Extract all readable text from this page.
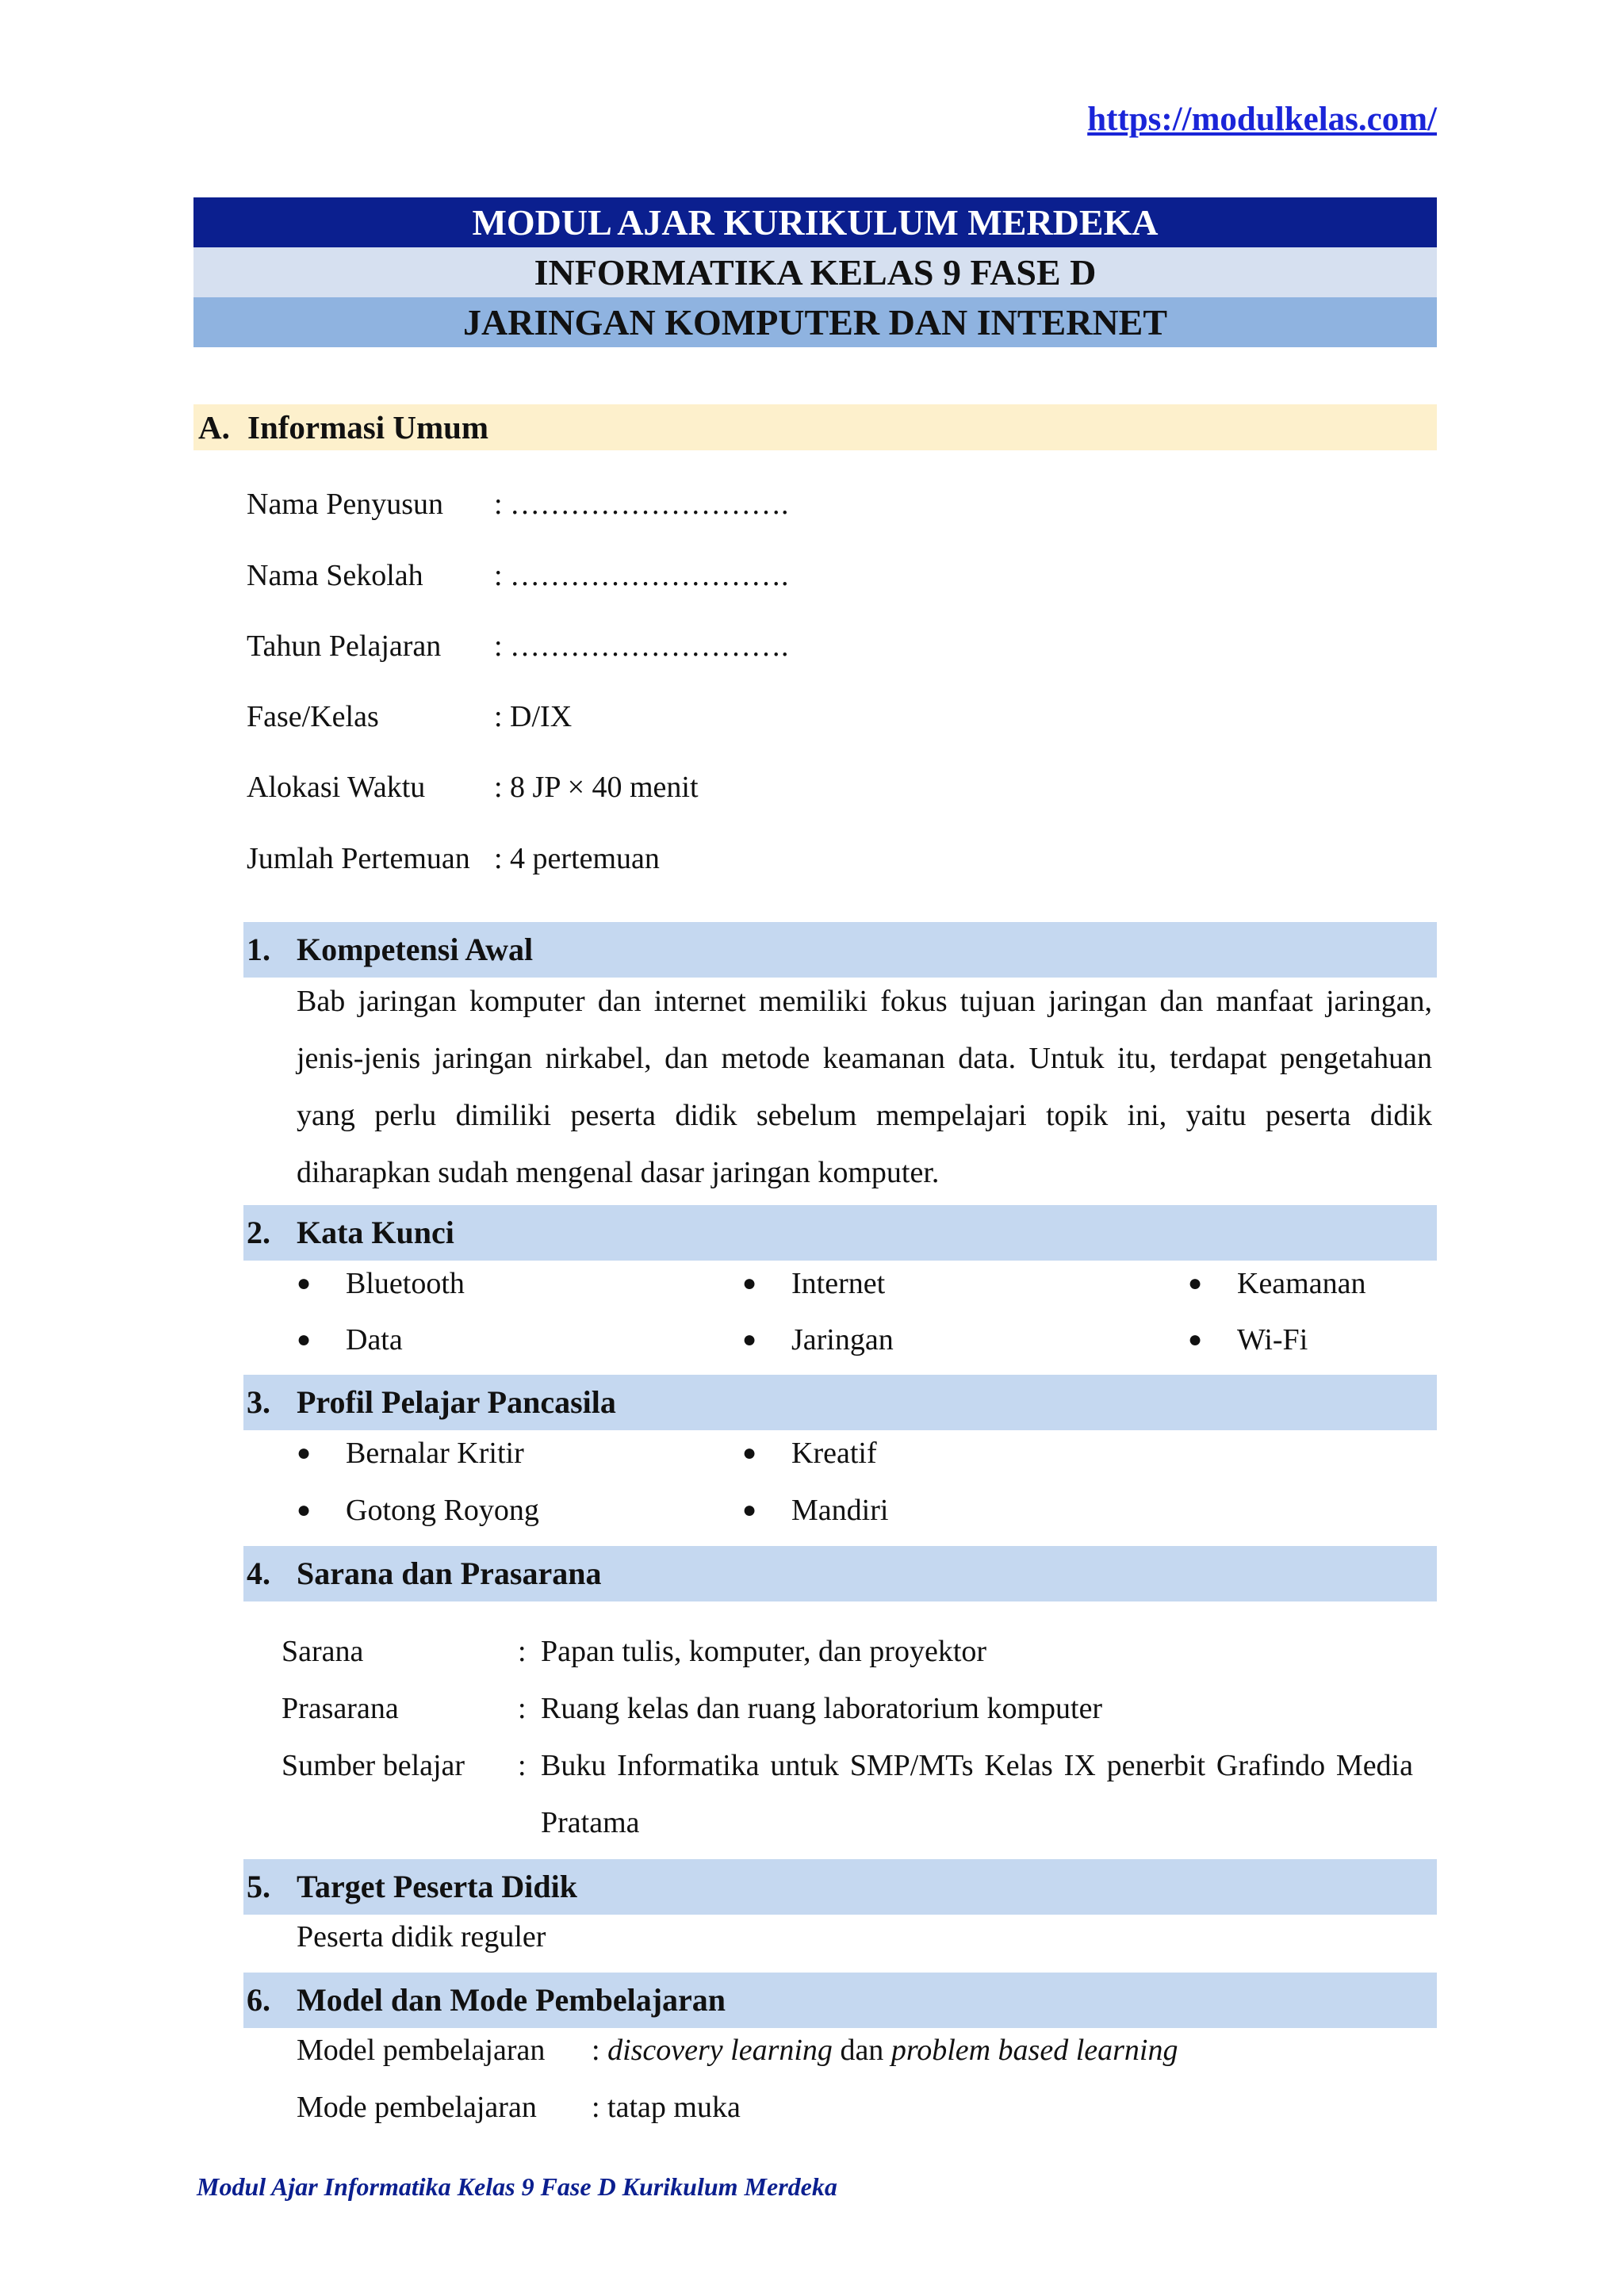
https://modulkelas.com/
MODUL AJAR KURIKULUM MERDEKA
INFORMATIKA KELAS 9 FASE D
JARINGAN KOMPUTER DAN INTERNET
A. Informasi Umum
Nama Penyusun : ……………………….
Nama Sekolah : ……………………….
Tahun Pelajaran : ……………………….
Fase/Kelas	: D/IX
Alokasi Waktu : 8 JP × 40 menit
Jumlah Pertemuan : 4 pertemuan
1. Kompetensi Awal

Bab jaringan komputer dan internet memiliki fokus tujuan jaringan dan manfaat jaringan, jenis-jenis jaringan nirkabel, dan metode keamanan data. Untuk itu, terdapat pengetahuan yang perlu dimiliki peserta didik sebelum mempelajari topik ini, yaitu peserta didik diharapkan sudah mengenal dasar jaringan komputer.

2. Kata Kunci
● Bluetooth	● Internet	● Keamanan
● Data	● Jaringan	● Wi-Fi
3. Profil Pelajar Pancasila
● Bernalar Kritir	● Kreatif
● Gotong Royong	● Mandiri
4. Sarana dan Prasarana
Sarana	: Papan tulis, komputer, dan proyektor
Prasarana	: Ruang kelas dan ruang laboratorium komputer
Sumber belajar : Buku Informatika untuk SMP/MTs Kelas IX penerbit Grafindo Media Pratama
5. Target Peserta Didik
Peserta didik reguler
6. Model dan Mode Pembelajaran
Model pembelajaran : discovery learning dan problem based learning
Mode pembelajaran : tatap muka
Modul Ajar Informatika Kelas 9 Fase D Kurikulum Merdeka
